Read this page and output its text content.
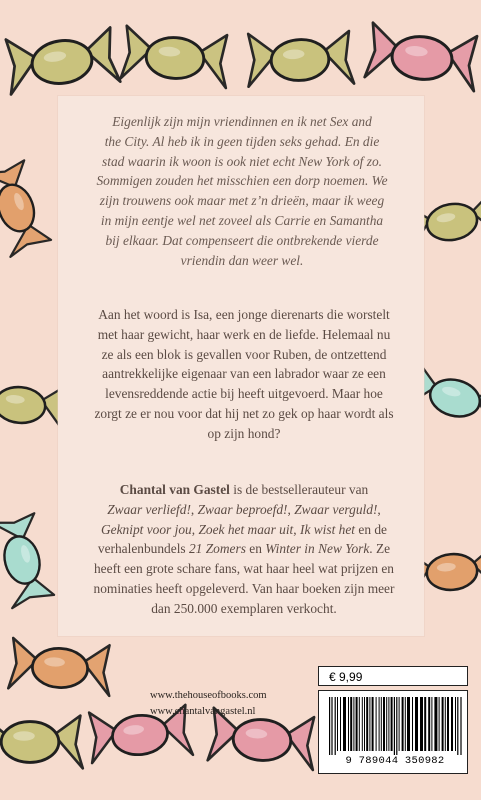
Eigenlijk zijn mijn vriendinnen en ik net Sex and
the City. Al heb ik in geen tijden seks gehad. En die
stad waarin ik woon is ook niet echt New York of zo.
Sommigen zouden het misschien een dorp noemen. We
zijn trouwens ook maar met z’n drieën, maar ik weeg
in mijn eentje wel net zoveel als Carrie en Samantha
bij elkaar. Dat compenseert die ontbrekende vierde
vriendin dan weer wel.
Aan het woord is Isa, een jonge dierenarts die worstelt
met haar gewicht, haar werk en de liefde. Helemaal nu
ze als een blok is gevallen voor Ruben, de ontzettend
aantrekkelijke eigenaar van een labrador waar ze een
levensreddende actie bij heeft uitgevoerd. Maar hoe
zorgt ze er nou voor dat hij net zo gek op haar wordt als
op zijn hond?
Chantal van Gastel is de bestsellerauteur van
Zwaar verliefd!, Zwaar beproefd!, Zwaar verguld!,
Geknipt voor jou, Zoek het maar uit, Ik wist het en de
verhalenbundels 21 Zomers en Winter in New York. Ze
heeft een grote schare fans, wat haar heel wat prijzen en
nominaties heeft opgeleverd. Van haar boeken zijn meer
dan 250.000 exemplaren verkocht.
www.thehouseofbooks.com
www.chantalvangastel.nl
€ 9,99
9 789044 350982
